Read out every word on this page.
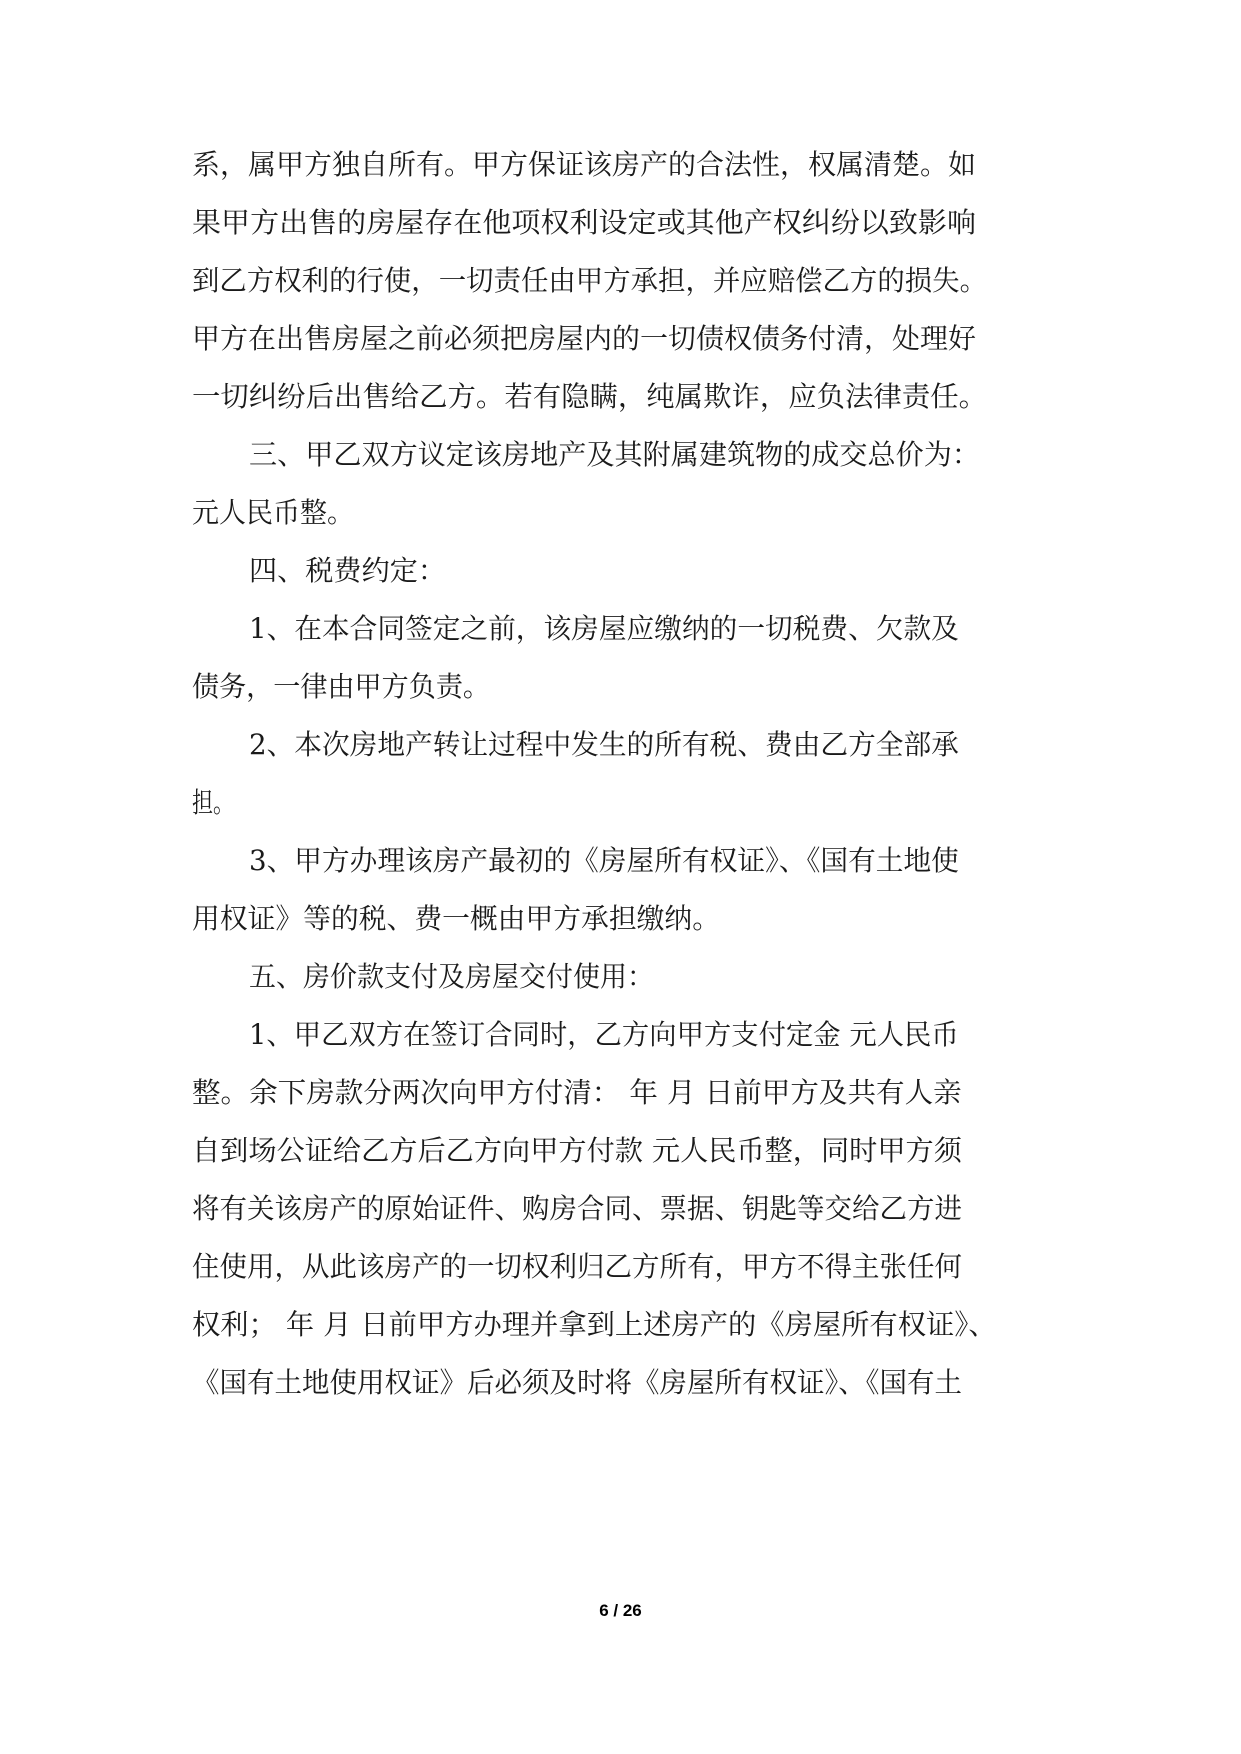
系，属甲方独自所有。甲方保证该房产的合法性，权属清楚。如
果甲方出售的房屋存在他项权利设定或其他产权纠纷以致影响
到乙方权利的行使，一切责任由甲方承担，并应赔偿乙方的损失。
甲方在出售房屋之前必须把房屋内的一切债权债务付清，处理好
一切纠纷后出售给乙方。若有隐瞒，纯属欺诈，应负法律责任。
三、甲乙双方议定该房地产及其附属建筑物的成交总价为：
元人民币整。
四、税费约定：
1、在本合同签定之前，该房屋应缴纳的一切税费、欠款及
债务，一律由甲方负责。
2、本次房地产转让过程中发生的所有税、费由乙方全部承
担。
3、甲方办理该房产最初的《房屋所有权证》、《国有土地使
用权证》等的税、费一概由甲方承担缴纳。
五、房价款支付及房屋交付使用：
1、甲乙双方在签订合同时，乙方向甲方支付定金 元人民币
整。余下房款分两次向甲方付清： 年 月 日前甲方及共有人亲
自到场公证给乙方后乙方向甲方付款 元人民币整，同时甲方须
将有关该房产的原始证件、购房合同、票据、钥匙等交给乙方进
住使用，从此该房产的一切权利归乙方所有，甲方不得主张任何
权利； 年 月 日前甲方办理并拿到上述房产的《房屋所有权证》、
《国有土地使用权证》后必须及时将《房屋所有权证》、《国有土
6 / 26
